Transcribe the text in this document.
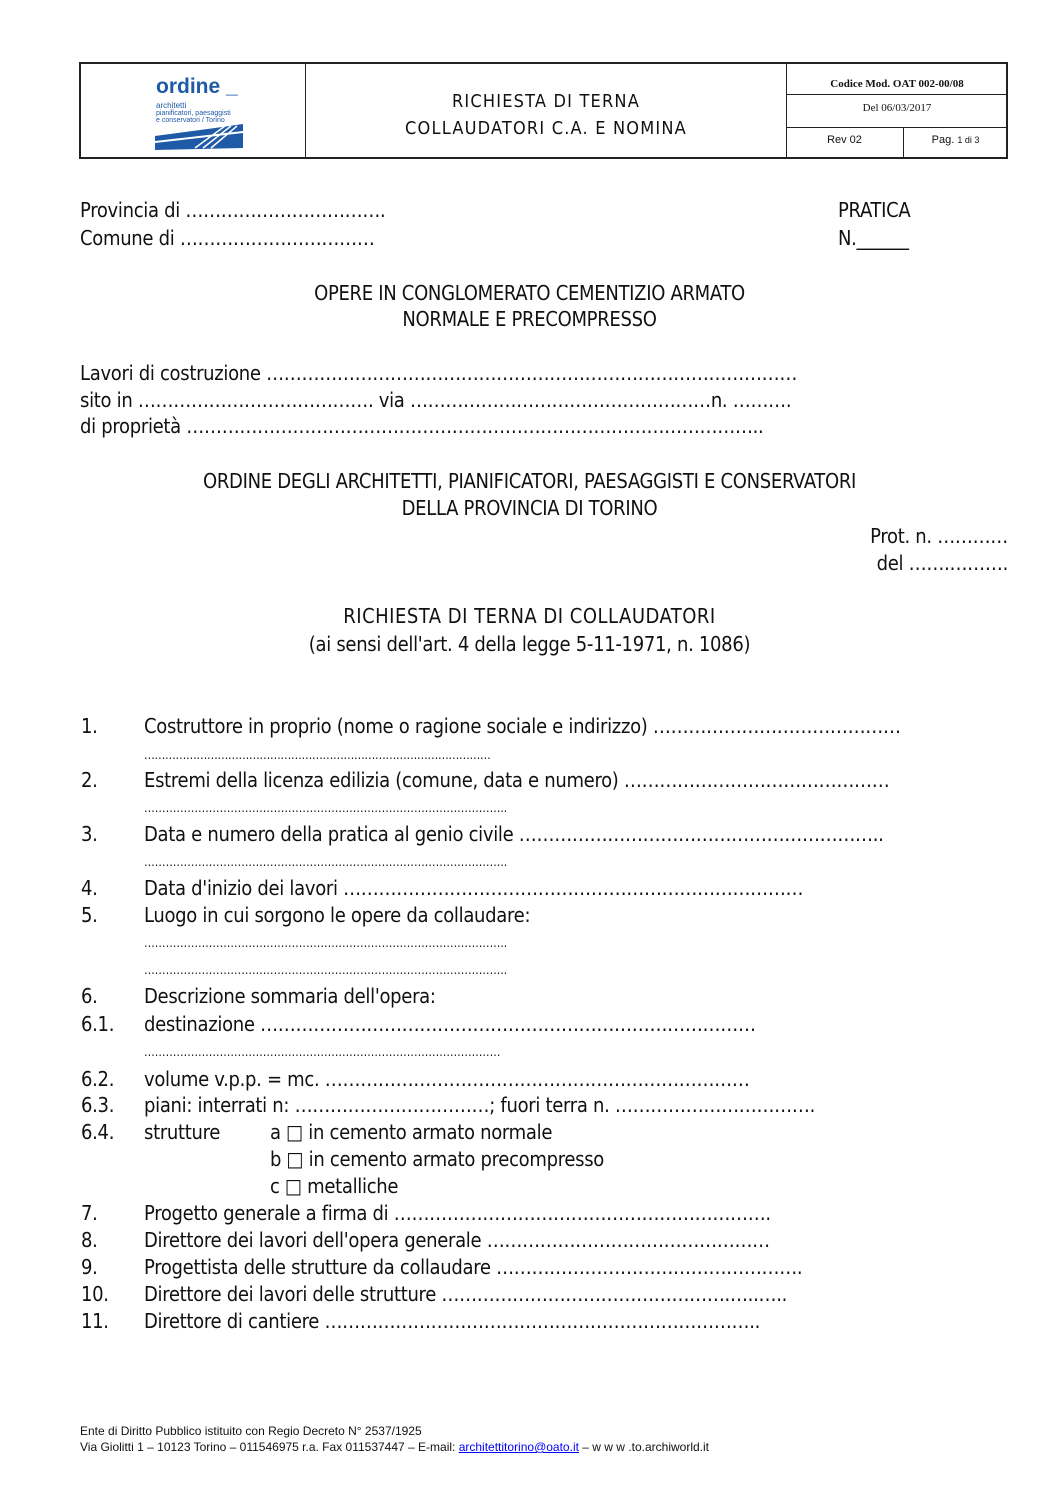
ordine _
architetti
pianificatori, paesaggisti
e conservatori / Torino
RICHIESTA DI TERNA
COLLAUDATORI C.A. E NOMINA
Codice Mod. OAT 002-00/08
Del 06/03/2017
Rev 02	Pag. 1 di 3
Provincia di …………………………….
Comune di ……………………………
PRATICA
N.______
OPERE IN CONGLOMERATO CEMENTIZIO ARMATO
NORMALE E PRECOMPRESSO
Lavori di costruzione ………………………………………………………………………………
sito in …………………………………. via ……………………………………………n. ……….
di proprietà ……………………………………………………………………………………..
ORDINE DEGLI ARCHITETTI, PIANIFICATORI, PAESAGGISTI E CONSERVATORI
DELLA PROVINCIA DI TORINO
Prot. n. …………
del …….……….
RICHIESTA DI TERNA DI COLLAUDATORI
(ai sensi dell'art. 4 della legge 5-11-1971, n. 1086)
1. Costruttore in proprio (nome o ragione sociale e indirizzo) ……………………………………
………………………………………………………………………………………
2. Estremi della licenza edilizia (comune, data e numero) ………………………………………
………………………………………………………………………………………..
3. Data e numero della pratica al genio civile ……………………………………………………..
………………………………………………………………………………………..
4. Data d'inizio dei lavori ……………………………………………………………………
5. Luogo in cui sorgono le opere da collaudare:
………………………………………………………………………………………..
………………………………………………………………………………………..
6. Descrizione sommaria dell'opera:
6.1. destinazione …………………………………………………………………………
………………………………………………………………………………………
6.2. volume v.p.p. = mc. ………………………………………………………………
6.3. piani: interrati n: ……………………………; fuori terra n. …………………………….
6.4. strutture a □ in cemento armato normale
b □ in cemento armato precompresso
c □ metalliche
7. Progetto generale a firma di ……………………………………………………….
8. Direttore dei lavori dell'opera generale …………………………………………
9. Progettista delle strutture da collaudare …………………………………………….
10. Direttore dei lavori delle strutture ………………………………………….…..…..
11. Direttore di cantiere ………………………………………………………………..
Ente di Diritto Pubblico istituito con Regio Decreto N° 2537/1925
Via Giolitti 1 – 10123 Torino – 011546975 r.a. Fax 011537447 – E-mail: architettitorino@oato.it – w w w .to.archiworld.it
